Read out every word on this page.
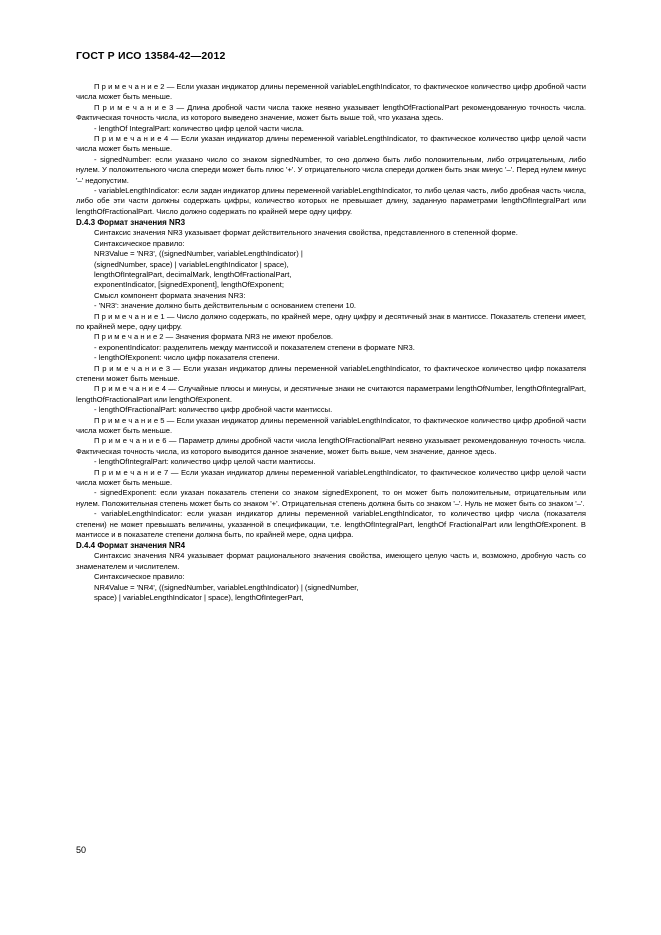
ГОСТ Р ИСО 13584-42—2012

П р и м е ч а н и е 2 — Если указан индикатор длины переменной variableLengthIndicator, то фактическое количество цифр дробной части числа может быть меньше.

П р и м е ч а н и е 3 — Длина дробной части числа также неявно указывает lengthOfFractionalPart рекомендованную точность числа. Фактическая точность числа, из которого выведено значение, может быть выше той, что указана здесь.

- lengthOf IntegralPart: количество цифр целой части числа.

П р и м е ч а н и е 4 — Если указан индикатор длины переменной variableLengthIndicator, то фактическое количество цифр целой части числа может быть меньше.

- signedNumber: если указано число со знаком signedNumber, то оно должно быть либо положительным, либо отрицательным, либо нулем. У положительного числа спереди может быть плюс '+'. У отрицательного числа спереди должен быть знак минус '–'. Перед нулем минус '–' недопустим.

- variableLengthIndicator: если задан индикатор длины переменной variableLengthIndicator, то либо целая часть, либо дробная часть числа, либо обе эти части должны содержать цифры, количество которых не превышает длину, заданную параметрами lengthOfIntegralPart или lengthOfFractionalPart. Число должно содержать по крайней мере одну цифру.

D.4.3 Формат значения NR3

Синтаксис значения NR3 указывает формат действительного значения свойства, представленного в степенной форме.

Синтаксическое правило:

NR3Value = 'NR3', ((signedNumber, variableLengthIndicator) |

(signedNumber, space) | variableLengthIndicator | space),

lengthOfIntegralPart, decimalMark, lengthOfFractionalPart,

exponentIndicator, [signedExponent], lengthOfExponent;

Смысл компонент формата значения NR3:

- 'NR3': значение должно быть действительным с основанием степени 10.

П р и м е ч а н и е 1 — Число должно содержать, по крайней мере, одну цифру и десятичный знак в мантиссе. Показатель степени имеет, по крайней мере, одну цифру.

П р и м е ч а н и е 2 — Значения формата NR3 не имеют пробелов.

- exponentIndicator: разделитель между мантиссой и показателем степени в формате NR3.

- lengthOfExponent: число цифр показателя степени.

П р и м е ч а н и е 3 — Если указан индикатор длины переменной variableLengthIndicator, то фактическое количество цифр показателя степени может быть меньше.

П р и м е ч а н и е 4 — Случайные плюсы и минусы, и десятичные знаки не считаются параметрами lengthOfNumber, lengthOfIntegralPart, lengthOfFractionalPart или lengthOfExponent.

- lengthOfFractionalPart: количество цифр дробной части мантиссы.

П р и м е ч а н и е 5 — Если указан индикатор длины переменной variableLengthIndicator, то фактическое количество цифр дробной части числа может быть меньше.

П р и м е ч а н и е 6 — Параметр длины дробной части числа lengthOfFractionalPart неявно указывает рекомендованную точность числа. Фактическая точность числа, из которого выводится данное значение, может быть выше, чем значение, данное здесь.

- lengthOfIntegralPart: количество цифр целой части мантиссы.

П р и м е ч а н и е 7 — Если указан индикатор длины переменной variableLengthIndicator, то фактическое количество цифр целой части числа может быть меньше.

- signedExponent: если указан показатель степени со знаком signedExponent, то он может быть положительным, отрицательным или нулем. Положительная степень может быть со знаком '+'. Отрицательная степень должна быть со знаком '–'. Нуль не может быть со знаком '–'.

- variableLengthIndicator: если указан индикатор длины переменной variableLengthIndicator, то количество цифр числа (показателя степени) не может превышать величины, указанной в спецификации, т.е. lengthOfIntegralPart, lengthOf FractionalPart или lengthOfExponent. В мантиссе и в показателе степени должна быть, по крайней мере, одна цифра.

D.4.4 Формат значения NR4

Синтаксис значения NR4 указывает формат рационального значения свойства, имеющего целую часть и, возможно, дробную часть со знаменателем и числителем.

Синтаксическое правило:

NR4Value = 'NR4', ((signedNumber, variableLengthIndicator) | (signedNumber,

space) | variableLengthIndicator | space), lengthOfIntegerPart,

50
